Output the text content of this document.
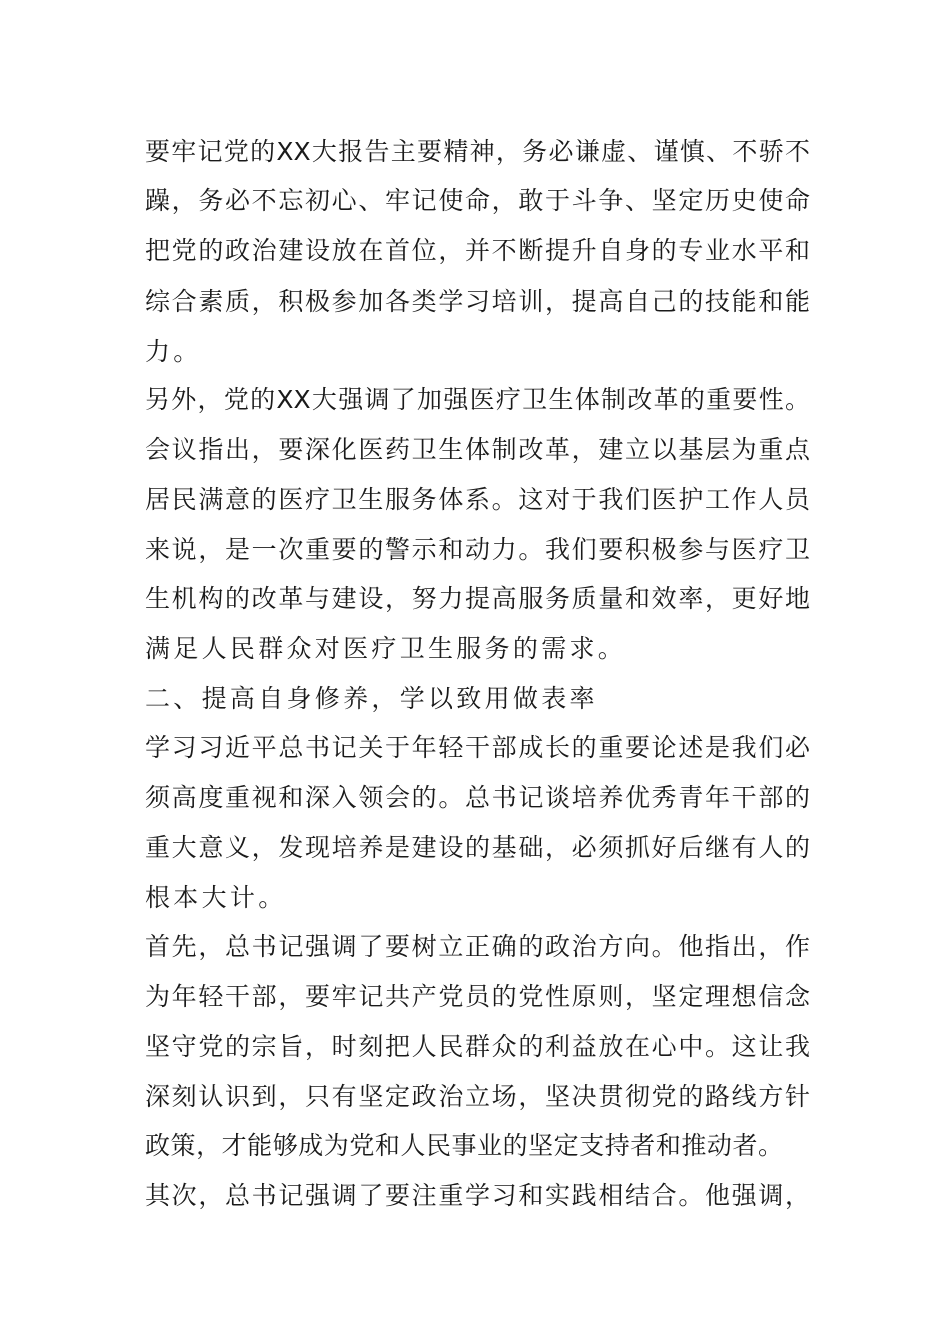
要牢记党的XX大报告主要精神，务必谦虚、谨慎、不骄不
躁，务必不忘初心、牢记使命，敢于斗争、坚定历史使命
把党的政治建设放在首位，并不断提升自身的专业水平和
综合素质，积极参加各类学习培训，提高自己的技能和能
力。
另外，党的XX大强调了加强医疗卫生体制改革的重要性。
会议指出，要深化医药卫生体制改革，建立以基层为重点
居民满意的医疗卫生服务体系。这对于我们医护工作人员
来说，是一次重要的警示和动力。我们要积极参与医疗卫
生机构的改革与建设，努力提高服务质量和效率，更好地
满足人民群众对医疗卫生服务的需求。
二、提高自身修养，学以致用做表率
学习习近平总书记关于年轻干部成长的重要论述是我们必
须高度重视和深入领会的。总书记谈培养优秀青年干部的
重大意义，发现培养是建设的基础，必须抓好后继有人的
根本大计。
首先，总书记强调了要树立正确的政治方向。他指出，作
为年轻干部，要牢记共产党员的党性原则，坚定理想信念
坚守党的宗旨，时刻把人民群众的利益放在心中。这让我
深刻认识到，只有坚定政治立场，坚决贯彻党的路线方针
政策，才能够成为党和人民事业的坚定支持者和推动者。
其次，总书记强调了要注重学习和实践相结合。他强调，
